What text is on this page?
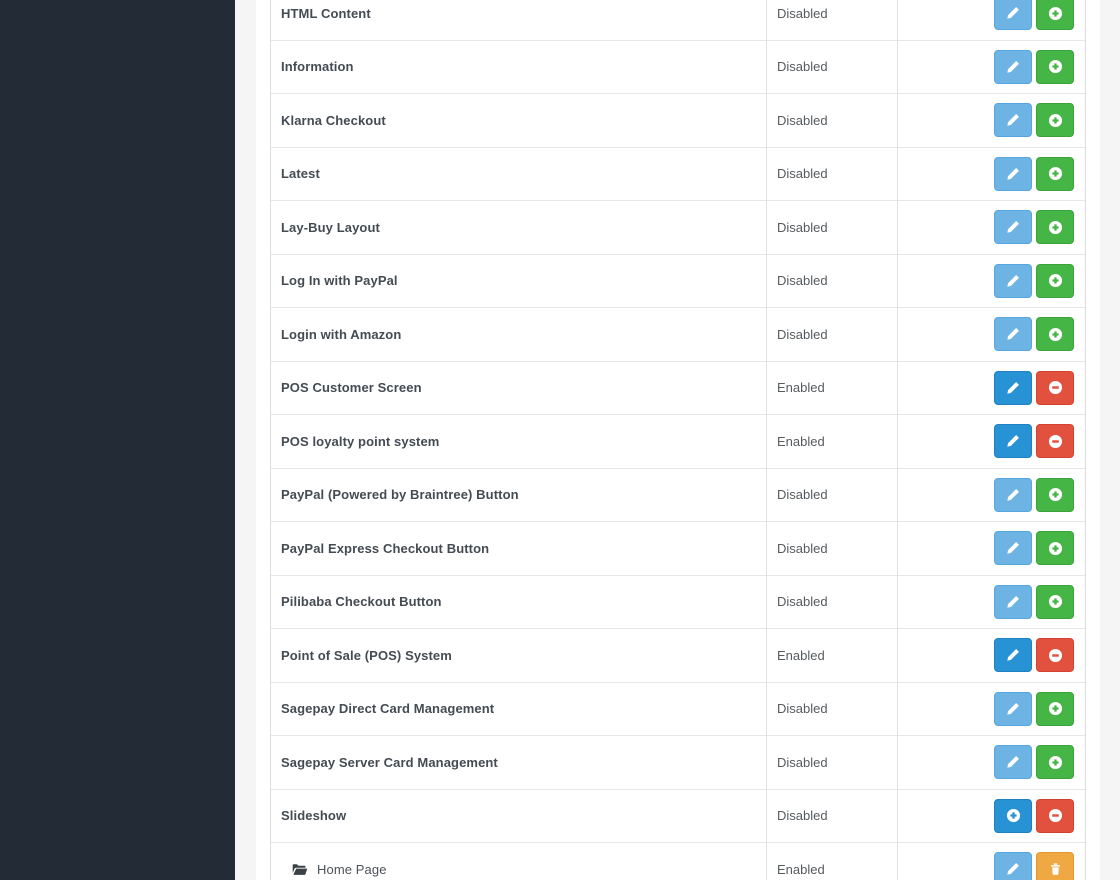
HTML Content	Disabled
Information	Disabled
Klarna Checkout	Disabled
Latest	Disabled
Lay-Buy Layout	Disabled
Log In with PayPal	Disabled
Login with Amazon	Disabled
POS Customer Screen	Enabled
POS loyalty point system	Enabled
PayPal (Powered by Braintree) Button	Disabled
PayPal Express Checkout Button	Disabled
Pilibaba Checkout Button	Disabled
Point of Sale (POS) System	Enabled
Sagepay Direct Card Management	Disabled
Sagepay Server Card Management	Disabled
Slideshow	Disabled
Home Page	Enabled
